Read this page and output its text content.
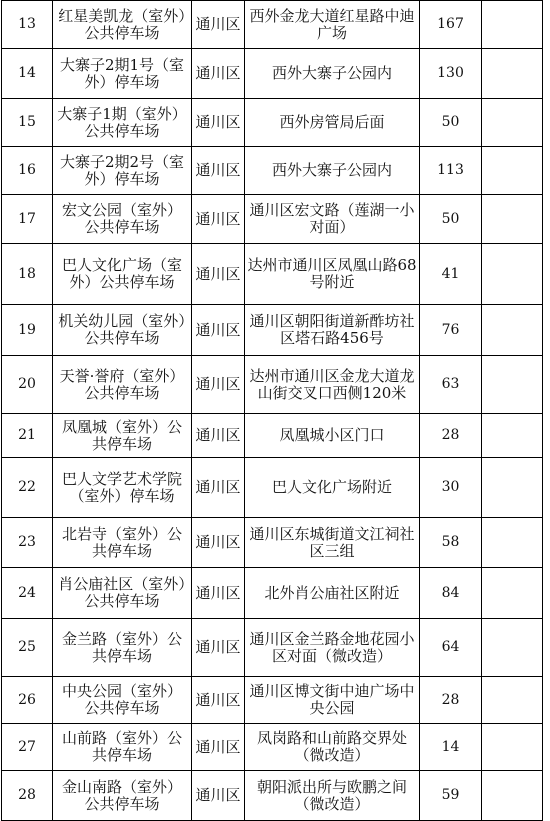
13	红星美凯龙（室外）公共停车场	通川区	西外金龙大道红星路中迪广场	167	
14	大寨子2期1号（室外）停车场	通川区	西外大寨子公园内	130	
15	大寨子1期（室外）公共停车场	通川区	西外房管局后面	50	
16	大寨子2期2号（室外）停车场	通川区	西外大寨子公园内	113	
17	宏文公园（室外）公共停车场	通川区	通川区宏文路（莲湖一小对面）	50	
18	巴人文化广场（室外）公共停车场	通川区	达州市通川区凤凰山路68号附近	41	
19	机关幼儿园（室外）公共停车场	通川区	通川区朝阳街道新酢坊社区塔石路456号	76	
20	天誉·誉府（室外）公共停车场	通川区	达州市通川区金龙大道龙山街交叉口西侧120米	63	
21	凤凰城（室外）公共停车场	通川区	凤凰城小区门口	28	
22	巴人文学艺术学院（室外）停车场	通川区	巴人文化广场附近	30	
23	北岩寺（室外）公共停车场	通川区	通川区东城街道文江祠社区三组	58	
24	肖公庙社区（室外）公共停车场	通川区	北外肖公庙社区附近	84	
25	金兰路（室外）公共停车场	通川区	通川区金兰路金地花园小区对面（微改造）	64	
26	中央公园（室外）公共停车场	通川区	通川区博文街中迪广场中央公园	28	
27	山前路（室外）公共停车场	通川区	凤岗路和山前路交界处（微改造）	14	
28	金山南路（室外）公共停车场	通川区	朝阳派出所与欧鹏之间（微改造）	59	
